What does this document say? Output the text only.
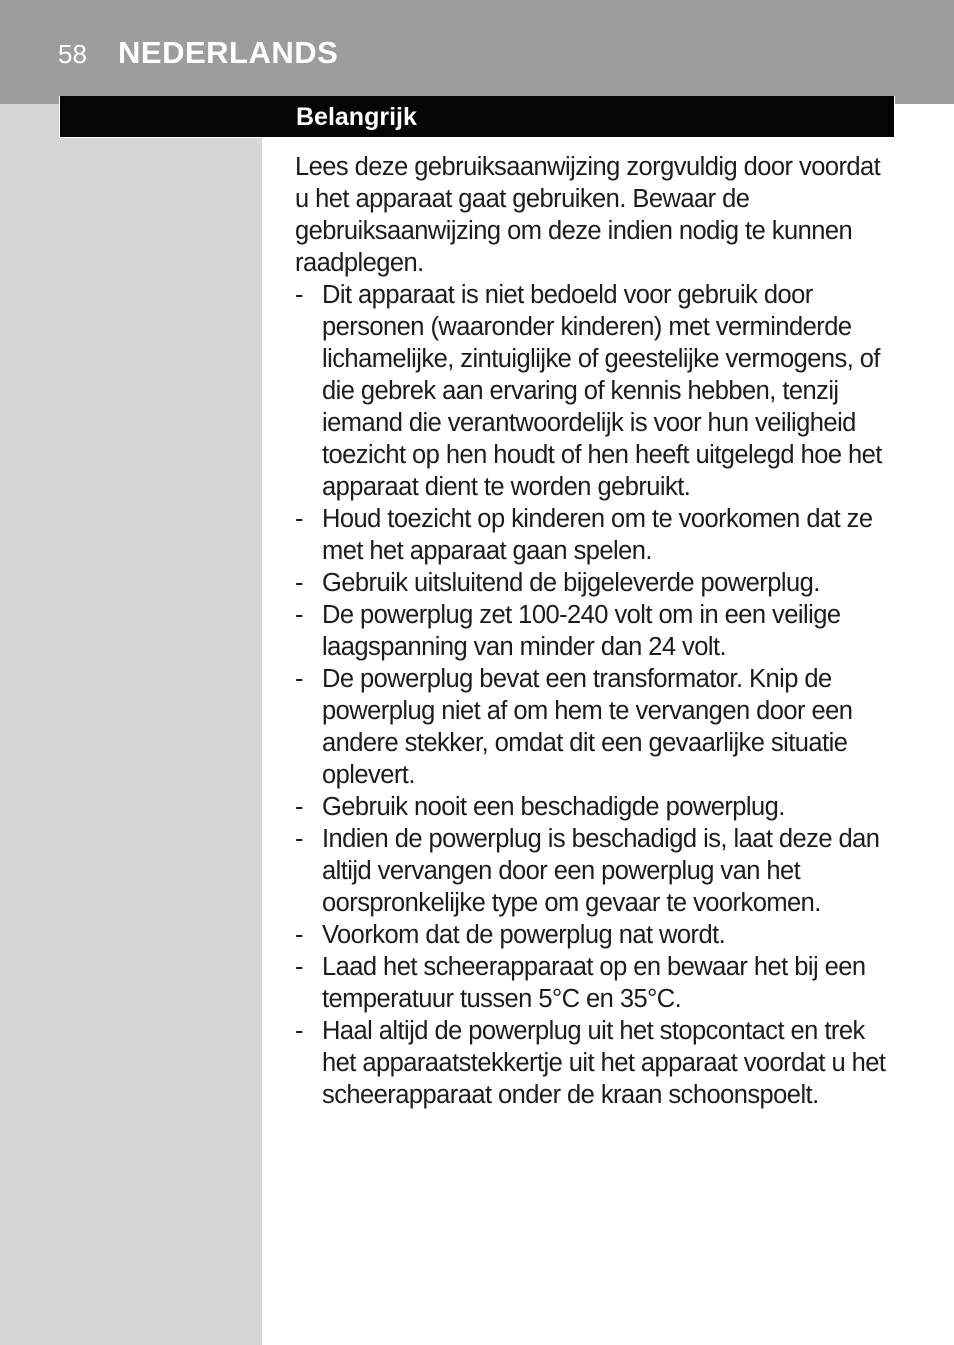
58 NEDERLANDS
Belangrijk

Lees deze gebruiksaanwijzing zorgvuldig door voordat u het apparaat gaat gebruiken. Bewaar de gebruiksaanwijzing om deze indien nodig te kunnen raadplegen.

- Dit apparaat is niet bedoeld voor gebruik door personen (waaronder kinderen) met verminderde lichamelijke, zintuiglijke of geestelijke vermogens, of die gebrek aan ervaring of kennis hebben, tenzij iemand die verantwoordelijk is voor hun veiligheid toezicht op hen houdt of hen heeft uitgelegd hoe het apparaat dient te worden gebruikt.
- Houd toezicht op kinderen om te voorkomen dat ze met het apparaat gaan spelen.
- Gebruik uitsluitend de bijgeleverde powerplug.
- De powerplug zet 100-240 volt om in een veilige laagspanning van minder dan 24 volt.
- De powerplug bevat een transformator. Knip de powerplug niet af om hem te vervangen door een andere stekker, omdat dit een gevaarlijke situatie oplevert.
- Gebruik nooit een beschadigde powerplug.
- Indien de powerplug is beschadigd is, laat deze dan altijd vervangen door een powerplug van het oorspronkelijke type om gevaar te voorkomen.
- Voorkom dat de powerplug nat wordt.
- Laad het scheerapparaat op en bewaar het bij een temperatuur tussen 5°C en 35°C.
- Haal altijd de powerplug uit het stopcontact en trek het apparaatstekkertje uit het apparaat voordat u het scheerapparaat onder de kraan schoonspoelt.
